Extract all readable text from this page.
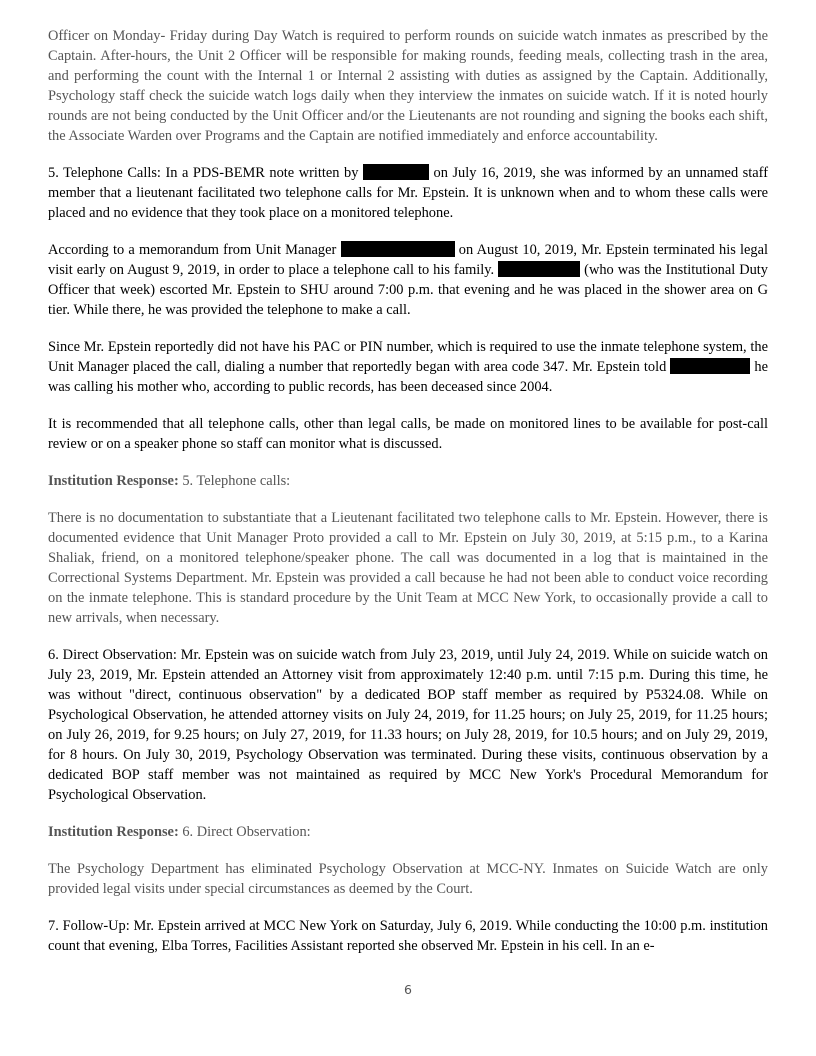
Officer on Monday- Friday during Day Watch is required to perform rounds on suicide watch inmates as prescribed by the Captain. After-hours, the Unit 2 Officer will be responsible for making rounds, feeding meals, collecting trash in the area, and performing the count with the Internal 1 or Internal 2 assisting with duties as assigned by the Captain. Additionally, Psychology staff check the suicide watch logs daily when they interview the inmates on suicide watch. If it is noted hourly rounds are not being conducted by the Unit Officer and/or the Lieutenants are not rounding and signing the books each shift, the Associate Warden over Programs and the Captain are notified immediately and enforce accountability.

5. Telephone Calls: In a PDS-BEMR note written by	on July 16, 2019, she was informed by an unnamed staff member that a lieutenant facilitated two telephone calls for Mr. Epstein. It is unknown when and to whom these calls were placed and no evidence that they took place on a monitored telephone.

According to a memorandum from Unit Manager	on August 10, 2019, Mr. Epstein terminated his legal visit early on August 9, 2019, in order to place a telephone call to his family.	(who was the Institutional Duty Officer that week) escorted Mr. Epstein to SHU around 7:00 p.m. that evening and he was placed in the shower area on G tier. While there, he was provided the telephone to make a call.

Since Mr. Epstein reportedly did not have his PAC or PIN number, which is required to use the inmate telephone system, the Unit Manager placed the call, dialing a number that reportedly began with area code 347. Mr. Epstein told	he was calling his mother who, according to public records, has been deceased since 2004.

It is recommended that all telephone calls, other than legal calls, be made on monitored lines to be available for post-call review or on a speaker phone so staff can monitor what is discussed.

Institution Response: 5. Telephone calls:

There is no documentation to substantiate that a Lieutenant facilitated two telephone calls to Mr. Epstein. However, there is documented evidence that Unit Manager Proto provided a call to Mr. Epstein on July 30, 2019, at 5:15 p.m., to a Karina Shaliak, friend, on a monitored telephone/speaker phone. The call was documented in a log that is maintained in the Correctional Systems Department. Mr. Epstein was provided a call because he had not been able to conduct voice recording on the inmate telephone. This is standard procedure by the Unit Team at MCC New York, to occasionally provide a call to new arrivals, when necessary.

6. Direct Observation: Mr. Epstein was on suicide watch from July 23, 2019, until July 24, 2019. While on suicide watch on July 23, 2019, Mr. Epstein attended an Attorney visit from approximately 12:40 p.m. until 7:15 p.m. During this time, he was without "direct, continuous observation" by a dedicated BOP staff member as required by P5324.08. While on Psychological Observation, he attended attorney visits on July 24, 2019, for 11.25 hours; on July 25, 2019, for 11.25 hours; on July 26, 2019, for 9.25 hours; on July 27, 2019, for 11.33 hours; on July 28, 2019, for 10.5 hours; and on July 29, 2019, for 8 hours. On July 30, 2019, Psychology Observation was terminated. During these visits, continuous observation by a dedicated BOP staff member was not maintained as required by MCC New York's Procedural Memorandum for Psychological Observation.

Institution Response: 6. Direct Observation:

The Psychology Department has eliminated Psychology Observation at MCC-NY. Inmates on Suicide Watch are only provided legal visits under special circumstances as deemed by the Court.

7. Follow-Up: Mr. Epstein arrived at MCC New York on Saturday, July 6, 2019. While conducting the 10:00 p.m. institution count that evening, Elba Torres, Facilities Assistant reported she observed Mr. Epstein in his cell. In an e-

6
